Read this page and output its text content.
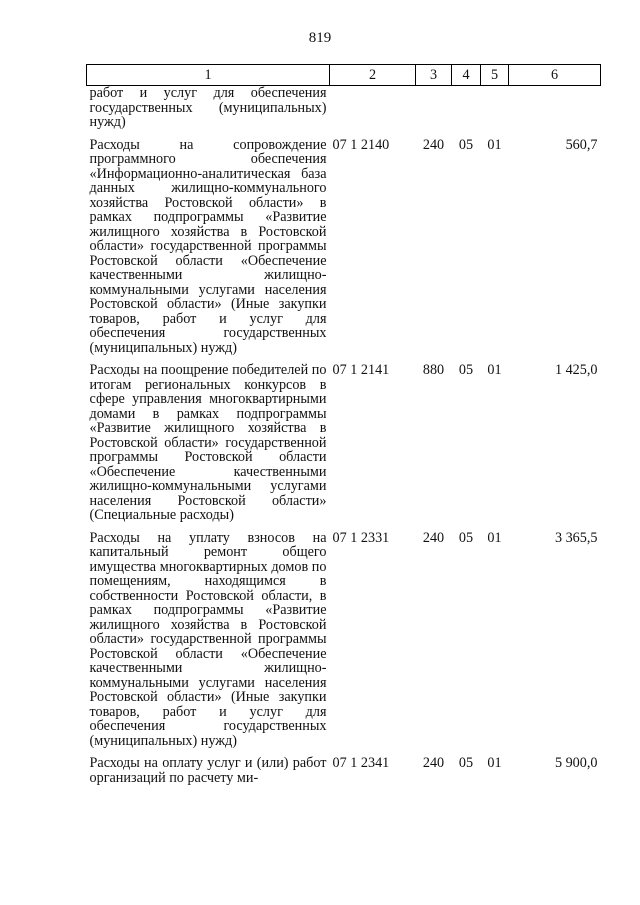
819
1	2	3	4	5	6
работ и услуг для обеспечения государственных (муниципальных) нужд)					
Расходы на сопровождение программного обеспечения «Информационно-аналитическая база данных жилищно-коммунального хозяйства Ростовской области» в рамках подпрограммы «Развитие жилищного хозяйства в Ростовской области» государственной программы Ростовской области «Обеспечение качественными жилищно-коммунальными услугами населения Ростовской области» (Иные закупки товаров, работ и услуг для обеспечения государственных (муниципальных) нужд)	07 1 2140	240	05	01	560,7
Расходы на поощрение победителей по итогам региональных конкурсов в сфере управления многоквартирными домами в рамках подпрограммы «Развитие жилищного хозяйства в Ростовской области» государственной программы Ростовской области «Обеспечение качественными жилищно-коммунальными услугами населения Ростовской области» (Специальные расходы)	07 1 2141	880	05	01	1 425,0
Расходы на уплату взносов на капитальный ремонт общего имущества многоквартирных домов по помещениям, находящимся в собственности Ростовской области, в рамках подпрограммы «Развитие жилищного хозяйства в Ростовской области» государственной программы Ростовской области «Обеспечение качественными жилищно-коммунальными услугами населения Ростовской области» (Иные закупки товаров, работ и услуг для обеспечения государственных (муниципальных) нужд)	07 1 2331	240	05	01	3 365,5
Расходы на оплату услуг и (или) работ организаций по расчету ми-	07 1 2341	240	05	01	5 900,0
